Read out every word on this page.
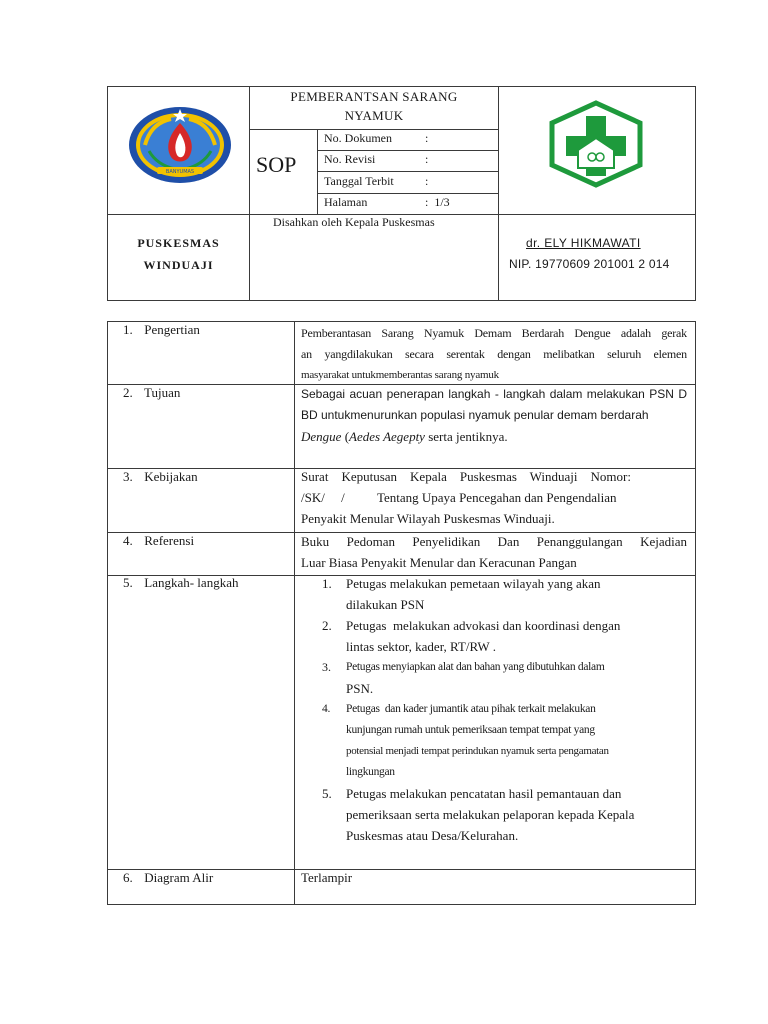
BANYUMAS
PEMBERANTSAN SARANG
NYAMUK
SOP
No. Dokumen	:
No. Revisi	:
Tanggal Terbit	:
Halaman	:  1/3
PUSKESMAS
WINDUAJI
Disahkan oleh Kepala Puskesmas
dr. ELY HIKMAWATI
NIP. 19770609 201001 2 014
1. Pengertian	Pemberantasan Sarang Nyamuk Demam Berdarah Dengue adalah gerak
an yangdilakukan secara serentak dengan melibatkan seluruh elemen
masyarakat untukmemberantas sarang nyamuk
2. Tujuan	Sebagai acuan penerapan langkah - langkah dalam melakukan PSN D
BD untukmenurunkan populasi nyamuk penular demam berdarah
Dengue (Aedes Aegepty serta jentiknya.
3. Kebijakan	Surat    Keputusan    Kepala    Puskesmas    Winduaji    Nomor:
/SK/     /          Tentang Upaya Pencegahan dan Pengendalian
Penyakit Menular Wilayah Puskesmas Winduaji.
4. Referensi	Buku Pedoman Penyelidikan Dan Penanggulangan Kejadian
Luar Biasa Penyakit Menular dan Keracunan Pangan
5. Langkah- langkah	1. Petugas melakukan pemetaan wilayah yang akan
dilakukan PSN
2. Petugas  melakukan advokasi dan koordinasi dengan
lintas sektor, kader, RT/RW .
3. Petugas menyiapkan alat dan bahan yang dibutuhkan dalam
PSN.
4. Petugas  dan kader jumantik atau pihak terkait melakukan
kunjungan rumah untuk pemeriksaan tempat tempat yang
potensial menjadi tempat perindukan nyamuk serta pengamatan
lingkungan
5. Petugas melakukan pencatatan hasil pemantauan dan
pemeriksaan serta melakukan pelaporan kepada Kepala
Puskesmas atau Desa/Kelurahan.
6. Diagram Alir	Terlampir
